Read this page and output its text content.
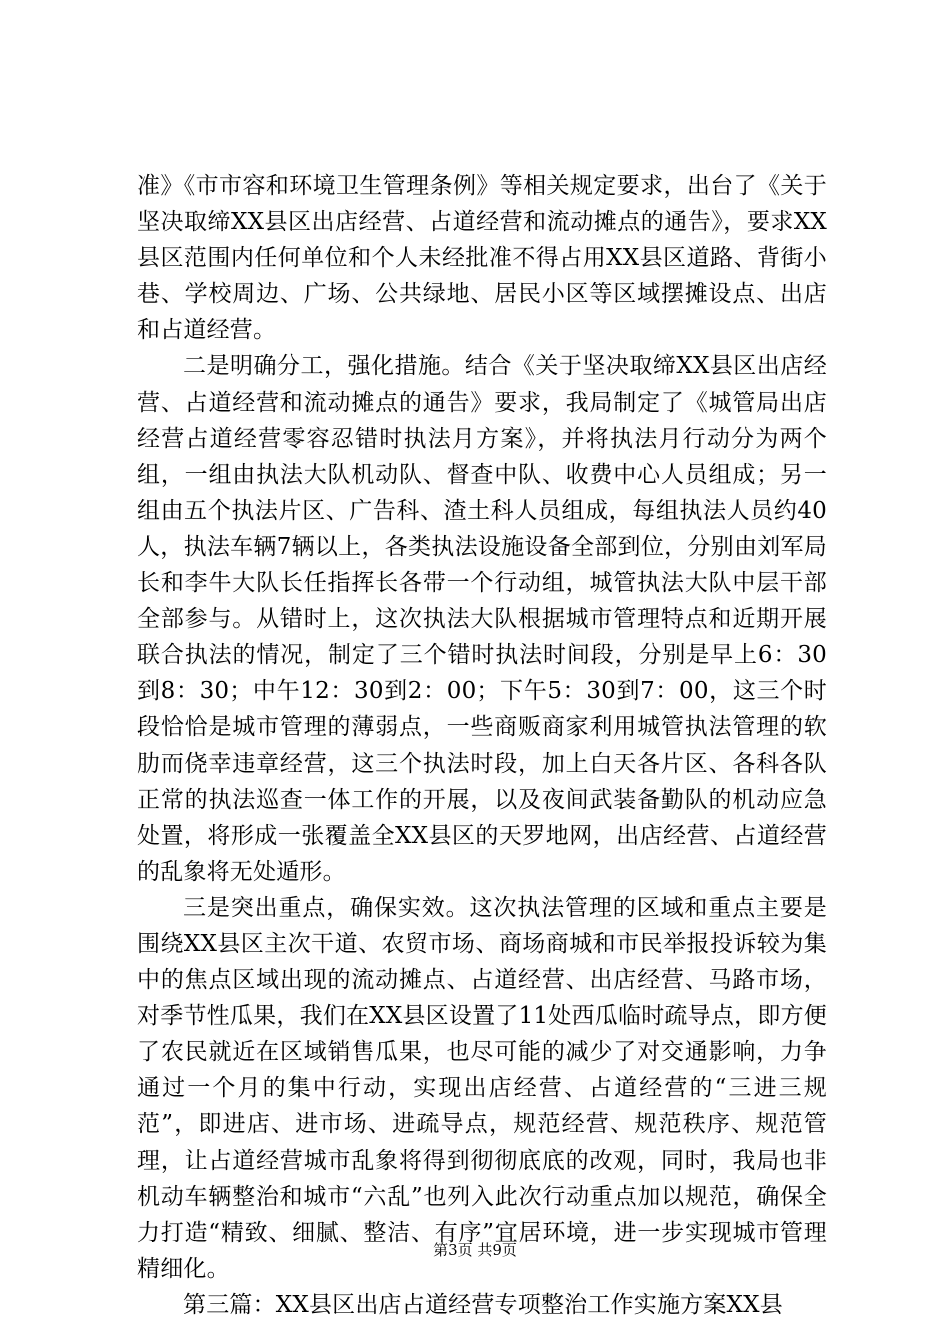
准》《市市容和环境卫生管理条例》等相关规定要求，出台了《关于坚决取缔XX县区出店经营、占道经营和流动摊点的通告》，要求XX县区范围内任何单位和个人未经批准不得占用XX县区道路、背街小巷、学校周边、广场、公共绿地、居民小区等区域摆摊设点、出店和占道经营。

二是明确分工，强化措施。结合《关于坚决取缔XX县区出店经营、占道经营和流动摊点的通告》要求，我局制定了《城管局出店经营占道经营零容忍错时执法月方案》，并将执法月行动分为两个组，一组由执法大队机动队、督查中队、收费中心人员组成；另一组由五个执法片区、广告科、渣土科人员组成，每组执法人员约40人，执法车辆7辆以上，各类执法设施设备全部到位，分别由刘军局长和李牛大队长任指挥长各带一个行动组，城管执法大队中层干部全部参与。从错时上，这次执法大队根据城市管理特点和近期开展联合执法的情况，制定了三个错时执法时间段，分别是早上6：30到8：30；中午12：30到2：00；下午5：30到7：00，这三个时段恰恰是城市管理的薄弱点，一些商贩商家利用城管执法管理的软肋而侥幸违章经营，这三个执法时段，加上白天各片区、各科各队正常的执法巡查一体工作的开展，以及夜间武装备勤队的机动应急处置，将形成一张覆盖全XX县区的天罗地网，出店经营、占道经营的乱象将无处遁形。

三是突出重点，确保实效。这次执法管理的区域和重点主要是围绕XX县区主次干道、农贸市场、商场商城和市民举报投诉较为集中的焦点区域出现的流动摊点、占道经营、出店经营、马路市场，对季节性瓜果，我们在XX县区设置了11处西瓜临时疏导点，即方便了农民就近在区域销售瓜果，也尽可能的减少了对交通影响，力争通过一个月的集中行动，实现出店经营、占道经营的“三进三规范”，即进店、进市场、进疏导点，规范经营、规范秩序、规范管理，让占道经营城市乱象将得到彻彻底底的改观，同时，我局也非机动车辆整治和城市“六乱”也列入此次行动重点加以规范，确保全力打造“精致、细腻、整洁、有序”宜居环境，进一步实现城市管理精细化。

第三篇：XX县区出店占道经营专项整治工作实施方案XX县

第3页 共9页
